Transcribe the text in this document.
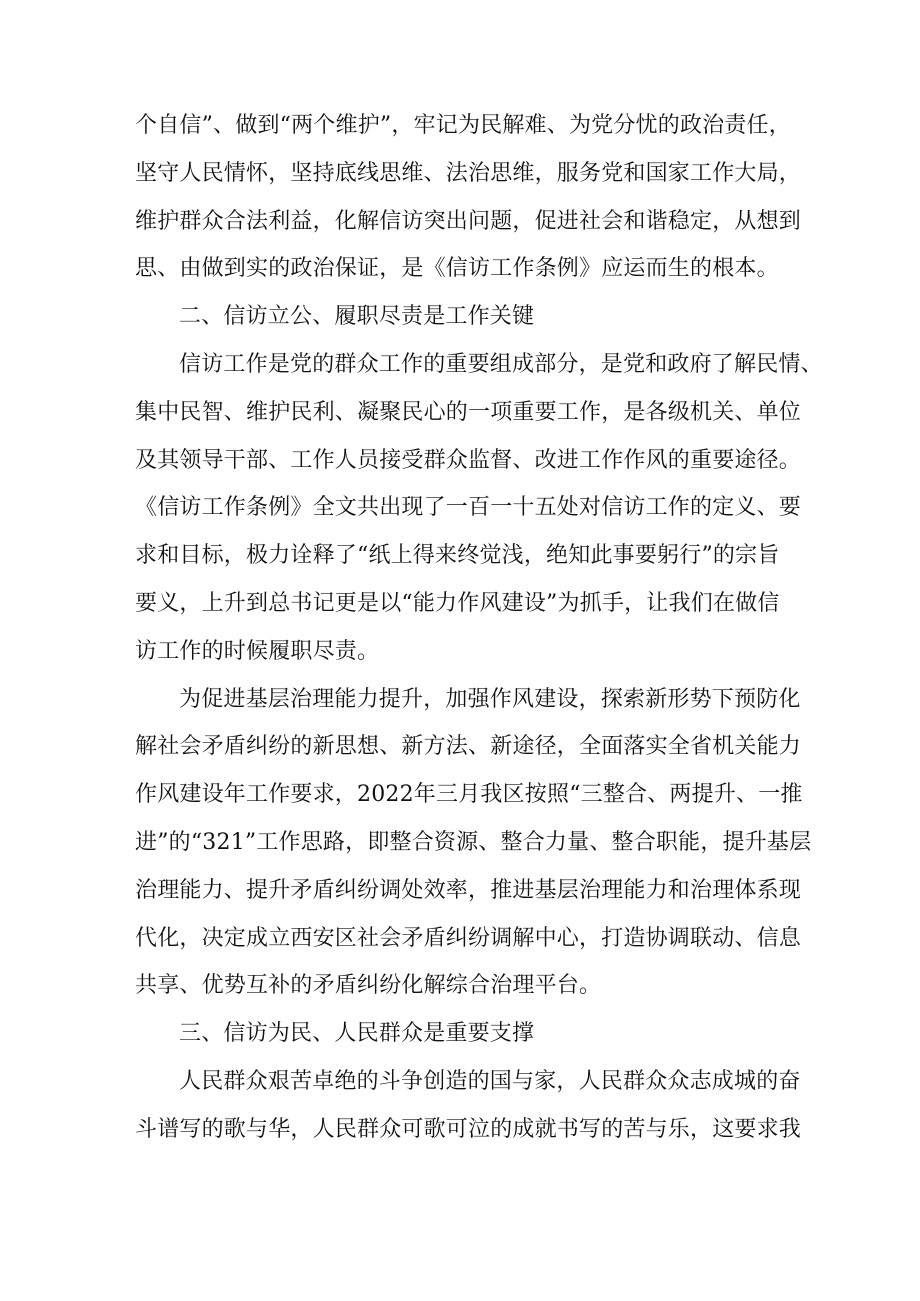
个自信”、做到“两个维护”，牢记为民解难、为党分忧的政治责任，
坚守人民情怀，坚持底线思维、法治思维，服务党和国家工作大局，
维护群众合法利益，化解信访突出问题，促进社会和谐稳定，从想到
思、由做到实的政治保证，是《信访工作条例》应运而生的根本。
二、信访立公、履职尽责是工作关键
信访工作是党的群众工作的重要组成部分，是党和政府了解民情、
集中民智、维护民利、凝聚民心的一项重要工作，是各级机关、单位
及其领导干部、工作人员接受群众监督、改进工作作风的重要途径。
《信访工作条例》全文共出现了一百一十五处对信访工作的定义、要
求和目标，极力诠释了“纸上得来终觉浅，绝知此事要躬行”的宗旨
要义，上升到总书记更是以“能力作风建设”为抓手，让我们在做信
访工作的时候履职尽责。
为促进基层治理能力提升，加强作风建设，探索新形势下预防化
解社会矛盾纠纷的新思想、新方法、新途径，全面落实全省机关能力
作风建设年工作要求，2022年三月我区按照“三整合、两提升、一推
进”的“321”工作思路，即整合资源、整合力量、整合职能，提升基层
治理能力、提升矛盾纠纷调处效率，推进基层治理能力和治理体系现
代化，决定成立西安区社会矛盾纠纷调解中心，打造协调联动、信息
共享、优势互补的矛盾纠纷化解综合治理平台。
三、信访为民、人民群众是重要支撑
人民群众艰苦卓绝的斗争创造的国与家，人民群众众志成城的奋
斗谱写的歌与华，人民群众可歌可泣的成就书写的苦与乐，这要求我
